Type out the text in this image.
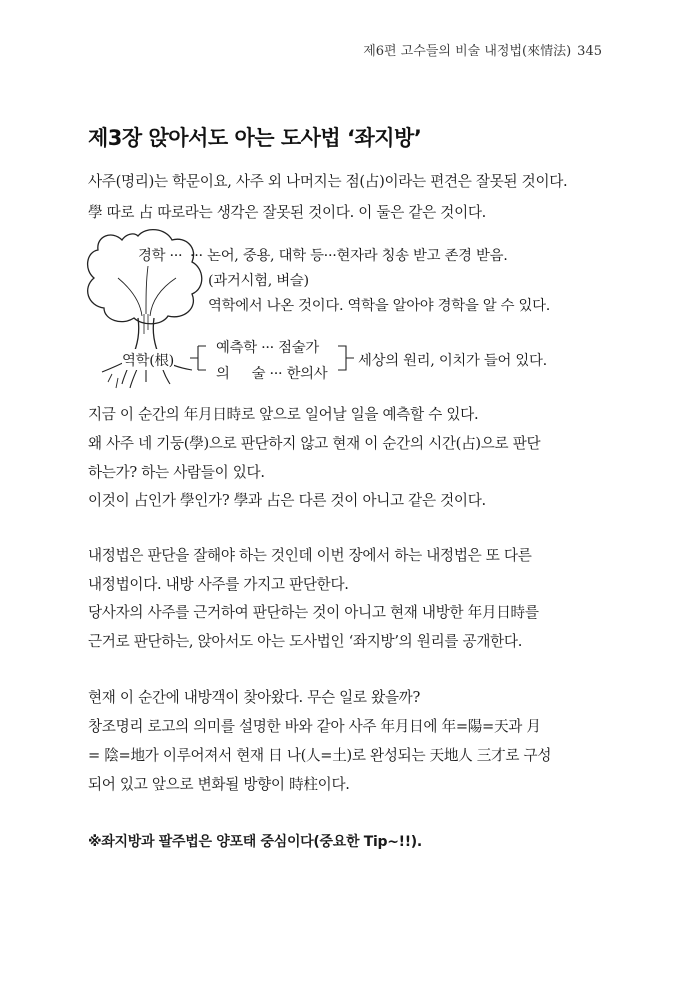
제6편 고수들의 비술 내정법(來情法) 345
제3장 앉아서도 아는 도사법 ‘좌지방’
사주(명리)는 학문이요, 사주 외 나머지는 점(占)이라는 편견은 잘못된 것이다.
學 따로 占 따로라는 생각은 잘못된 것이다. 이 둘은 같은 것이다.
경학 ··· ··· 논어, 중용, 대학 등···현자라 칭송 받고 존경 받음.
(과거시험, 벼슬)
역학에서 나온 것이다. 역학을 알아야 경학을 알 수 있다.
역학(根)
예측학 ··· 점술가
의 술 ··· 한의사
세상의 원리, 이치가 들어 있다.
지금 이 순간의 年月日時로 앞으로 일어날 일을 예측할 수 있다.
왜 사주 네 기둥(學)으로 판단하지 않고 현재 이 순간의 시간(占)으로 판단
하는가? 하는 사람들이 있다.
이것이 占인가 學인가? 學과 占은 다른 것이 아니고 같은 것이다.
내정법은 판단을 잘해야 하는 것인데 이번 장에서 하는 내정법은 또 다른
내정법이다. 내방 사주를 가지고 판단한다.
당사자의 사주를 근거하여 판단하는 것이 아니고 현재 내방한 年月日時를
근거로 판단하는, 앉아서도 아는 도사법인 ‘좌지방’의 원리를 공개한다.
현재 이 순간에 내방객이 찾아왔다. 무슨 일로 왔을까?
창조명리 로고의 의미를 설명한 바와 같아 사주 年月日에 年=陽=天과 月
= 陰=地가 이루어져서 현재 日 나(人=土)로 완성되는 天地人 三才로 구성
되어 있고 앞으로 변화될 방향이 時柱이다.
※좌지방과 팔주법은 양포태 중심이다(중요한 Tip~!!).
